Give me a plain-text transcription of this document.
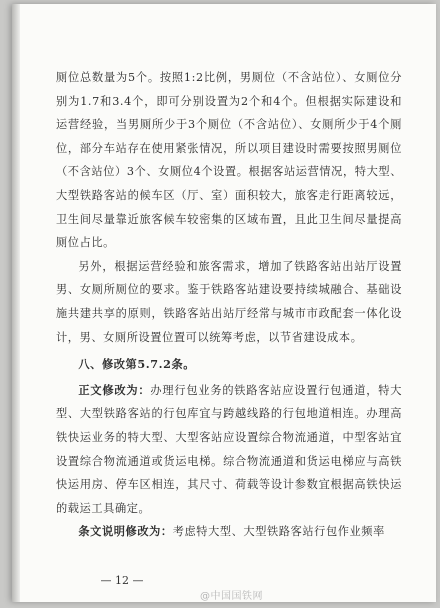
厕位总数量为5个。按照1:2比例，男厕位（不含站位）、女厕位分别为1.7和3.4个，即可分别设置为2个和4个。但根据实际建设和运营经验，当男厕所少于3个厕位（不含站位）、女厕所少于4个厕位，部分车站存在使用紧张情况，所以项目建设时需要按照男厕位（不含站位）3个、女厕位4个设置。根据客站运营情况，特大型、大型铁路客站的候车区（厅、室）面积较大，旅客走行距离较远，卫生间尽量靠近旅客候车较密集的区域布置，且此卫生间尽量提高厕位占比。

另外，根据运营经验和旅客需求，增加了铁路客站出站厅设置男、女厕所厕位的要求。鉴于铁路客站建设要持续城融合、基础设施共建共享的原则，铁路客站出站厅经常与城市市政配套一体化设计，男、女厕所设置位置可以统筹考虑，以节省建设成本。

八、修改第5.7.2条。

正文修改为：办理行包业务的铁路客站应设置行包通道，特大型、大型铁路客站的行包库宜与跨越线路的行包地道相连。办理高铁快运业务的特大型、大型客站应设置综合物流通道，中型客站宜设置综合物流通道或货运电梯。综合物流通道和货运电梯应与高铁快运用房、停车区相连，其尺寸、荷载等设计参数宜根据高铁快运的载运工具确定。

条文说明修改为：考虑特大型、大型铁路客站行包作业频率

— 12 —
@中国国铁网
